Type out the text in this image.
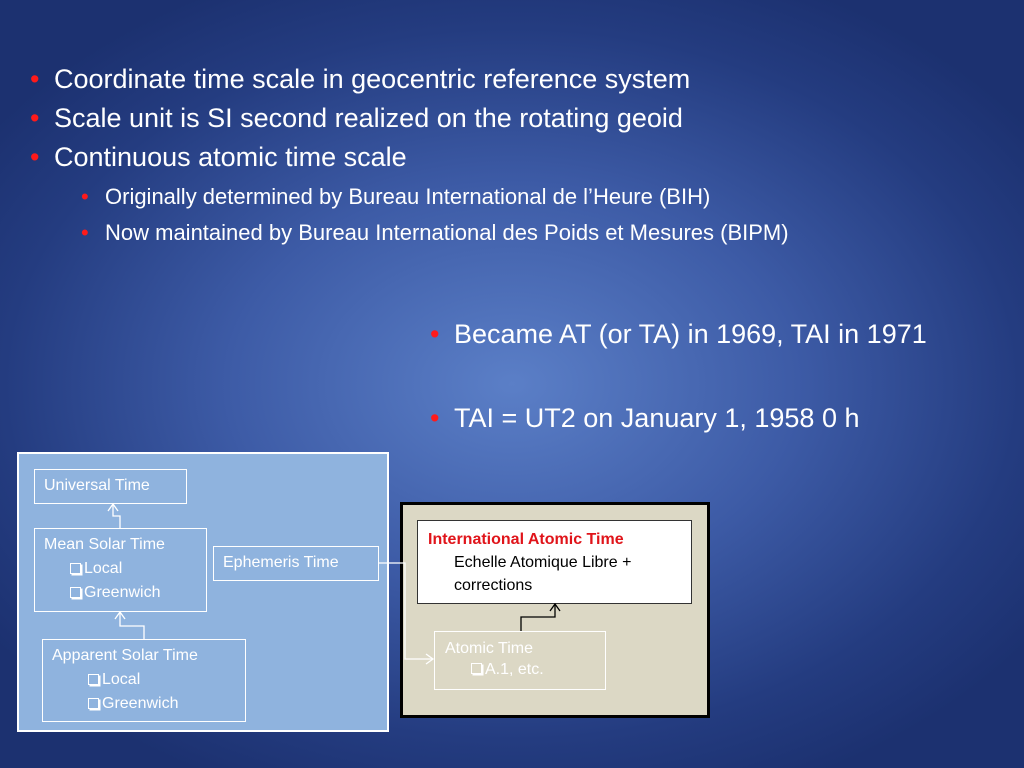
• Coordinate time scale in geocentric reference system
• Scale unit is SI second realized on the rotating geoid
• Continuous atomic time scale
• Originally determined by Bureau International de l’Heure (BIH)
• Now maintained by Bureau International des Poids et Mesures (BIPM)
• Became AT (or TA) in 1969, TAI in 1971
• TAI = UT2 on January 1, 1958 0 h
Universal Time
Mean Solar Time
Local
Greenwich
Ephemeris Time
Apparent Solar Time
Local
Greenwich
International Atomic Time
Echelle Atomique Libre + corrections
Atomic Time
A.1, etc.
